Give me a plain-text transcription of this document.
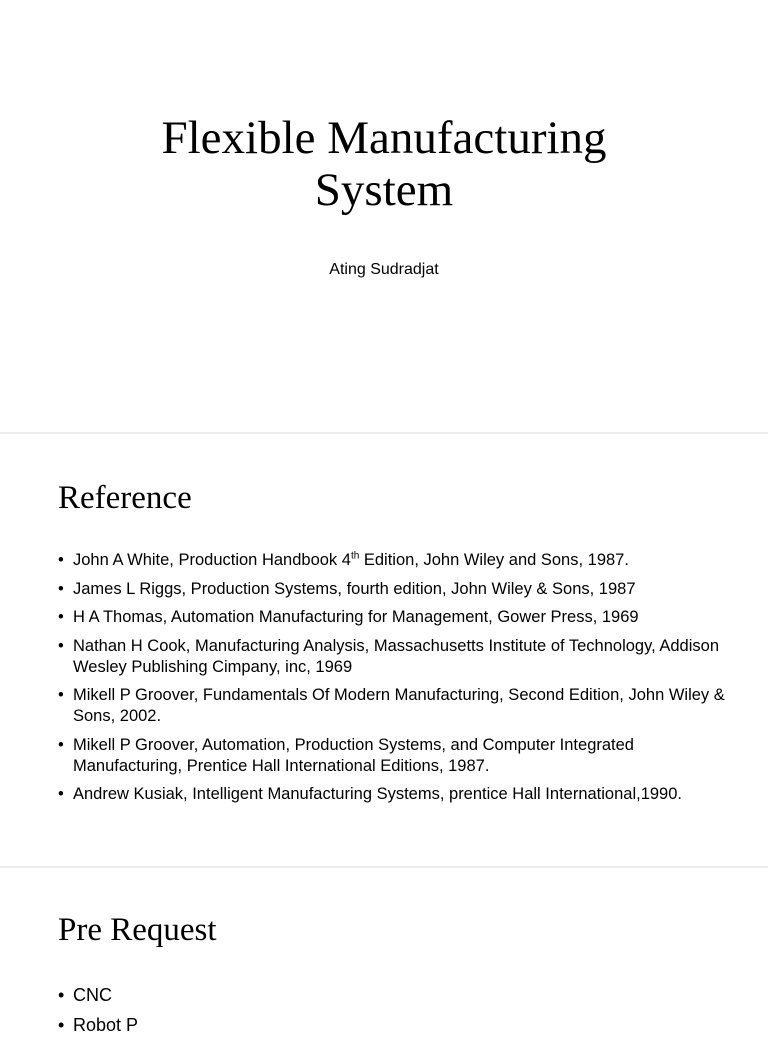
Flexible Manufacturing
System
Ating Sudradjat
Reference
• John A White, Production Handbook 4th Edition, John Wiley and Sons, 1987.
• James L Riggs, Production Systems, fourth edition, John Wiley & Sons, 1987
• H A Thomas, Automation Manufacturing for Management, Gower Press, 1969
• Nathan H Cook, Manufacturing Analysis, Massachusetts Institute of Technology, Addison Wesley Publishing Cimpany, inc, 1969
• Mikell P Groover, Fundamentals Of Modern Manufacturing, Second Edition, John Wiley & Sons, 2002.
• Mikell P Groover, Automation, Production Systems, and Computer Integrated Manufacturing, Prentice Hall International Editions, 1987.
• Andrew Kusiak, Intelligent Manufacturing Systems, prentice Hall International,1990.
Pre Request
• CNC
• Robot P
